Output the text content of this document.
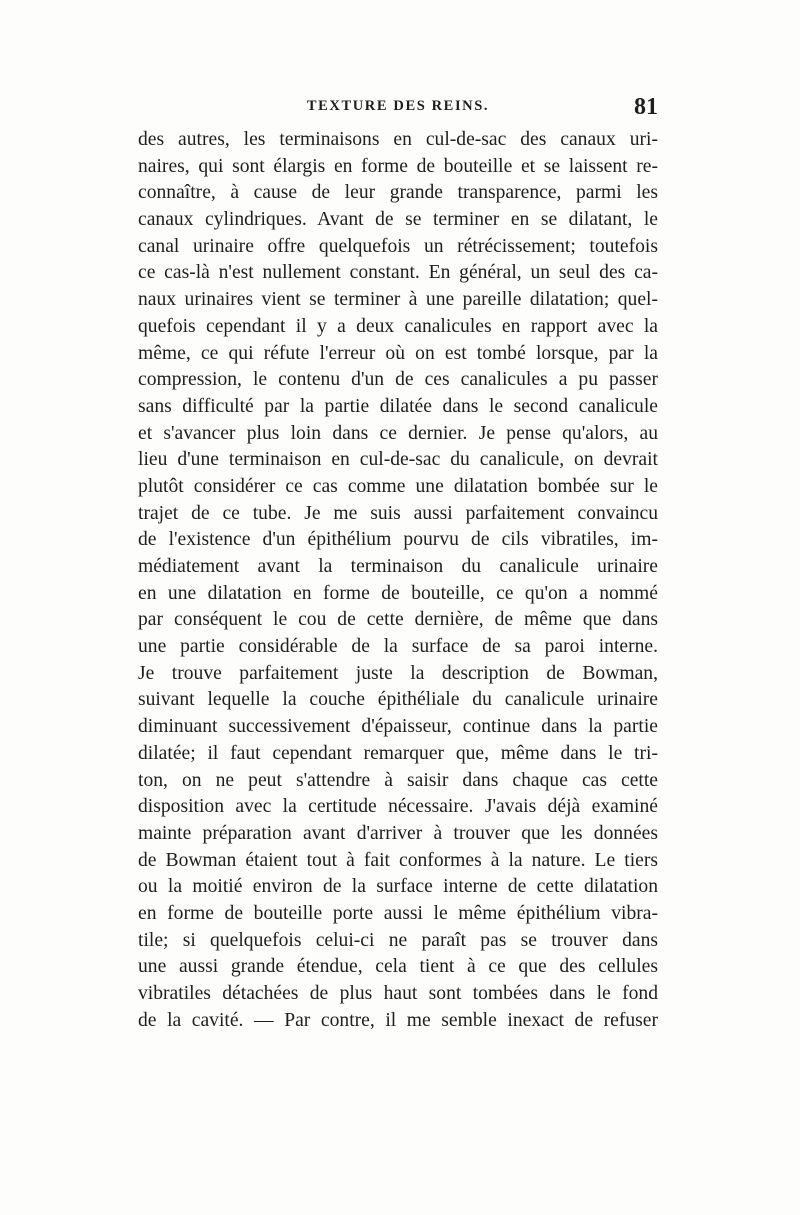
TEXTURE DES REINS.	81
des autres, les terminaisons en cul-de-sac des canaux uri-
naires, qui sont élargis en forme de bouteille et se laissent re-
connaître, à cause de leur grande transparence, parmi les
canaux cylindriques. Avant de se terminer en se dilatant, le
canal urinaire offre quelquefois un rétrécissement; toutefois
ce cas-là n'est nullement constant. En général, un seul des ca-
naux urinaires vient se terminer à une pareille dilatation; quel-
quefois cependant il y a deux canalicules en rapport avec la
même, ce qui réfute l'erreur où on est tombé lorsque, par la
compression, le contenu d'un de ces canalicules a pu passer
sans difficulté par la partie dilatée dans le second canalicule
et s'avancer plus loin dans ce dernier. Je pense qu'alors, au
lieu d'une terminaison en cul-de-sac du canalicule, on devrait
plutôt considérer ce cas comme une dilatation bombée sur le
trajet de ce tube. Je me suis aussi parfaitement convaincu
de l'existence d'un épithélium pourvu de cils vibratiles, im-
médiatement avant la terminaison du canalicule urinaire
en une dilatation en forme de bouteille, ce qu'on a nommé
par conséquent le cou de cette dernière, de même que dans
une partie considérable de la surface de sa paroi interne.
Je trouve parfaitement juste la description de Bowman,
suivant lequelle la couche épithéliale du canalicule urinaire
diminuant successivement d'épaisseur, continue dans la partie
dilatée; il faut cependant remarquer que, même dans le tri-
ton, on ne peut s'attendre à saisir dans chaque cas cette
disposition avec la certitude nécessaire. J'avais déjà examiné
mainte préparation avant d'arriver à trouver que les données
de Bowman étaient tout à fait conformes à la nature. Le tiers
ou la moitié environ de la surface interne de cette dilatation
en forme de bouteille porte aussi le même épithélium vibra-
tile; si quelquefois celui-ci ne paraît pas se trouver dans
une aussi grande étendue, cela tient à ce que des cellules
vibratiles détachées de plus haut sont tombées dans le fond
de la cavité. — Par contre, il me semble inexact de refuser
